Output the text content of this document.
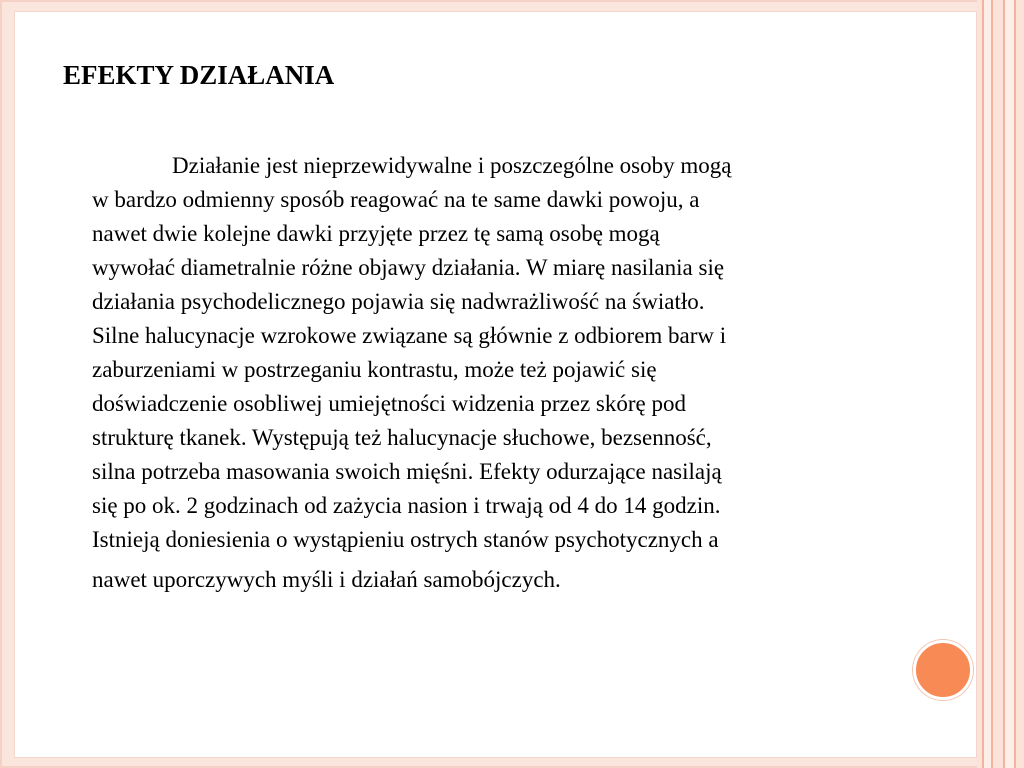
EFEKTY DZIAŁANIA

Działanie jest nieprzewidywalne i poszczególne osoby mogą
w bardzo odmienny sposób reagować na te same dawki powoju, a
nawet dwie kolejne dawki przyjęte przez tę samą osobę mogą
wywołać diametralnie różne objawy działania. W miarę nasilania się
działania psychodelicznego pojawia się nadwrażliwość na światło.
Silne halucynacje wzrokowe związane są głównie z odbiorem barw i
zaburzeniami w postrzeganiu kontrastu, może też pojawić się
doświadczenie osobliwej umiejętności widzenia przez skórę pod
strukturę tkanek. Występują też halucynacje słuchowe, bezsenność,
silna potrzeba masowania swoich mięśni. Efekty odurzające nasilają
się po ok. 2 godzinach od zażycia nasion i trwają od 4 do 14 godzin.
Istnieją doniesienia o wystąpieniu ostrych stanów psychotycznych a
nawet uporczywych myśli i działań samobójczych.
